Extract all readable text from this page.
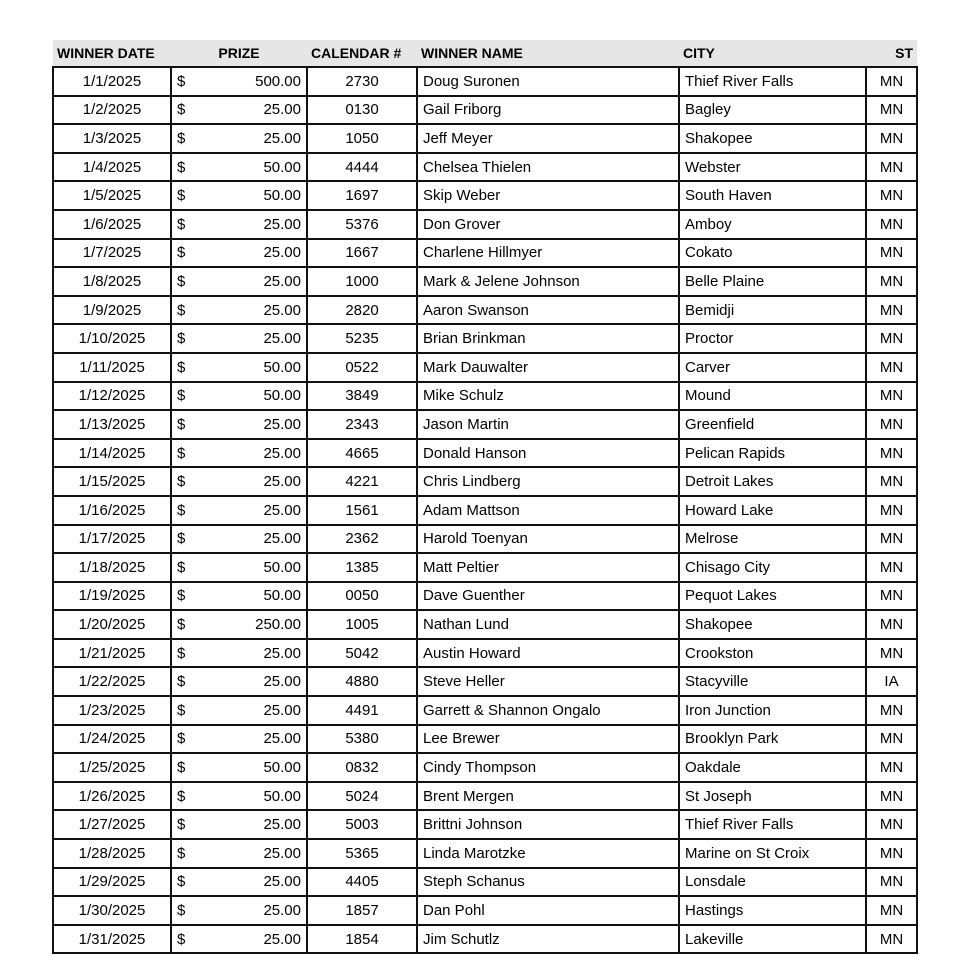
WINNER DATE	PRIZE	CALENDAR #	WINNER NAME	CITY	ST
1/1/2025	$ 500.00	2730	Doug Suronen	Thief River Falls	MN
1/2/2025	$ 25.00	0130	Gail Friborg	Bagley	MN
1/3/2025	$ 25.00	1050	Jeff Meyer	Shakopee	MN
1/4/2025	$ 50.00	4444	Chelsea Thielen	Webster	MN
1/5/2025	$ 50.00	1697	Skip Weber	South Haven	MN
1/6/2025	$ 25.00	5376	Don Grover	Amboy	MN
1/7/2025	$ 25.00	1667	Charlene Hillmyer	Cokato	MN
1/8/2025	$ 25.00	1000	Mark & Jelene Johnson	Belle Plaine	MN
1/9/2025	$ 25.00	2820	Aaron Swanson	Bemidji	MN
1/10/2025	$ 25.00	5235	Brian Brinkman	Proctor	MN
1/11/2025	$ 50.00	0522	Mark Dauwalter	Carver	MN
1/12/2025	$ 50.00	3849	Mike Schulz	Mound	MN
1/13/2025	$ 25.00	2343	Jason Martin	Greenfield	MN
1/14/2025	$ 25.00	4665	Donald Hanson	Pelican Rapids	MN
1/15/2025	$ 25.00	4221	Chris Lindberg	Detroit Lakes	MN
1/16/2025	$ 25.00	1561	Adam Mattson	Howard Lake	MN
1/17/2025	$ 25.00	2362	Harold Toenyan	Melrose	MN
1/18/2025	$ 50.00	1385	Matt Peltier	Chisago City	MN
1/19/2025	$ 50.00	0050	Dave Guenther	Pequot Lakes	MN
1/20/2025	$ 250.00	1005	Nathan Lund	Shakopee	MN
1/21/2025	$ 25.00	5042	Austin Howard	Crookston	MN
1/22/2025	$ 25.00	4880	Steve Heller	Stacyville	IA
1/23/2025	$ 25.00	4491	Garrett & Shannon Ongalo	Iron Junction	MN
1/24/2025	$ 25.00	5380	Lee Brewer	Brooklyn Park	MN
1/25/2025	$ 50.00	0832	Cindy Thompson	Oakdale	MN
1/26/2025	$ 50.00	5024	Brent Mergen	St Joseph	MN
1/27/2025	$ 25.00	5003	Brittni Johnson	Thief River Falls	MN
1/28/2025	$ 25.00	5365	Linda Marotzke	Marine on St Croix	MN
1/29/2025	$ 25.00	4405	Steph Schanus	Lonsdale	MN
1/30/2025	$ 25.00	1857	Dan Pohl	Hastings	MN
1/31/2025	$ 25.00	1854	Jim Schutlz	Lakeville	MN
